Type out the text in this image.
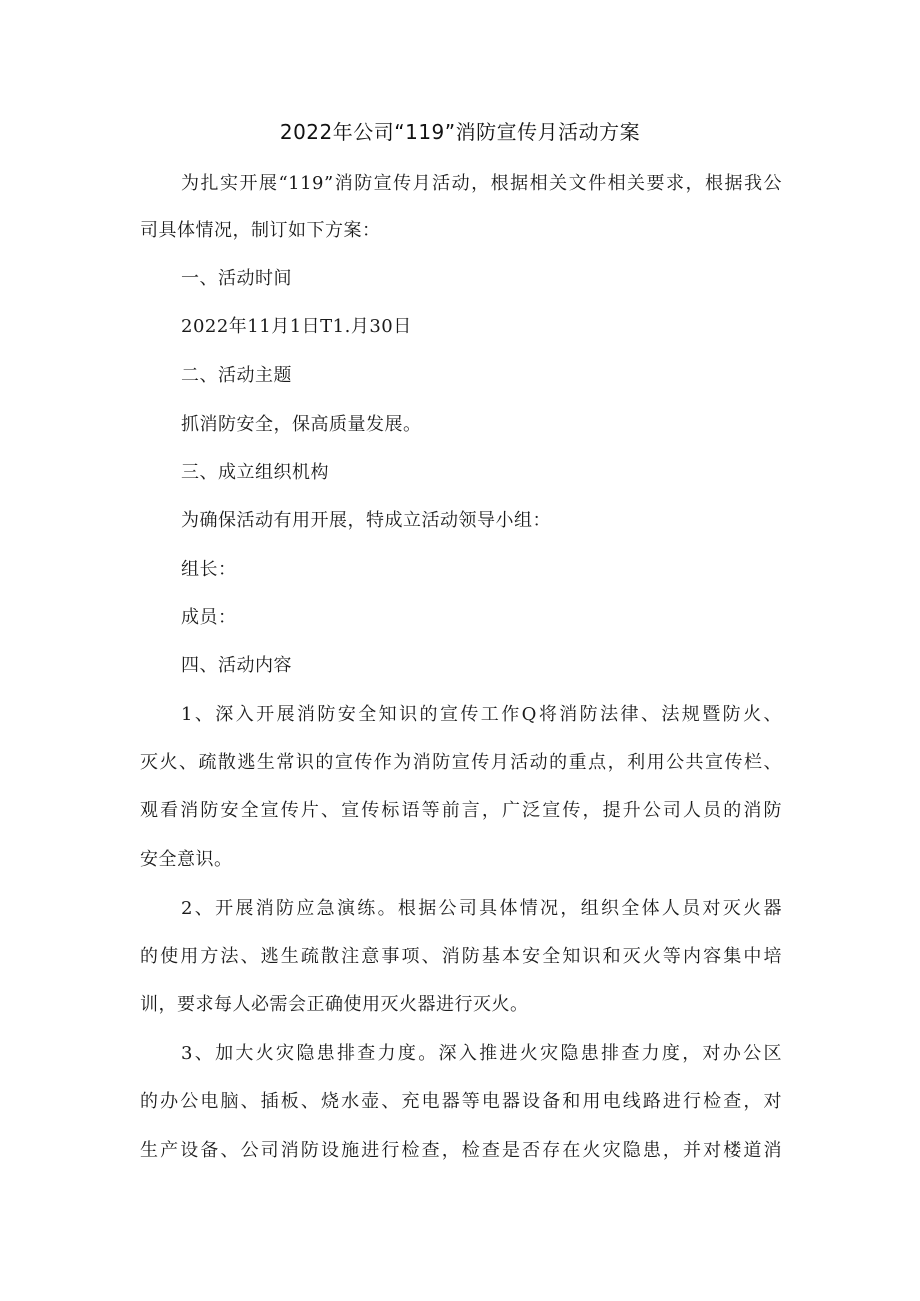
2022年公司“119”消防宣传月活动方案
为扎实开展“119”消防宣传月活动，根据相关文件相关要求，根据我公
司具体情况，制订如下方案：
一、活动时间
2022年11月1日T1.月30日
二、活动主题
抓消防安全，保高质量发展。
三、成立组织机构
为确保活动有用开展，特成立活动领导小组：
组长：
成员：
四、活动内容
1、深入开展消防安全知识的宣传工作Q将消防法律、法规暨防火、
灭火、疏散逃生常识的宣传作为消防宣传月活动的重点，利用公共宣传栏、
观看消防安全宣传片、宣传标语等前言，广泛宣传，提升公司人员的消防
安全意识。
2、开展消防应急演练。根据公司具体情况，组织全体人员对灭火器
的使用方法、逃生疏散注意事项、消防基本安全知识和灭火等内容集中培
训，要求每人必需会正确使用灭火器进行灭火。
3、加大火灾隐患排查力度。深入推进火灾隐患排查力度，对办公区
的办公电脑、插板、烧水壶、充电器等电器设备和用电线路进行检查，对
生产设备、公司消防设施进行检查，检查是否存在火灾隐患，并对楼道消
